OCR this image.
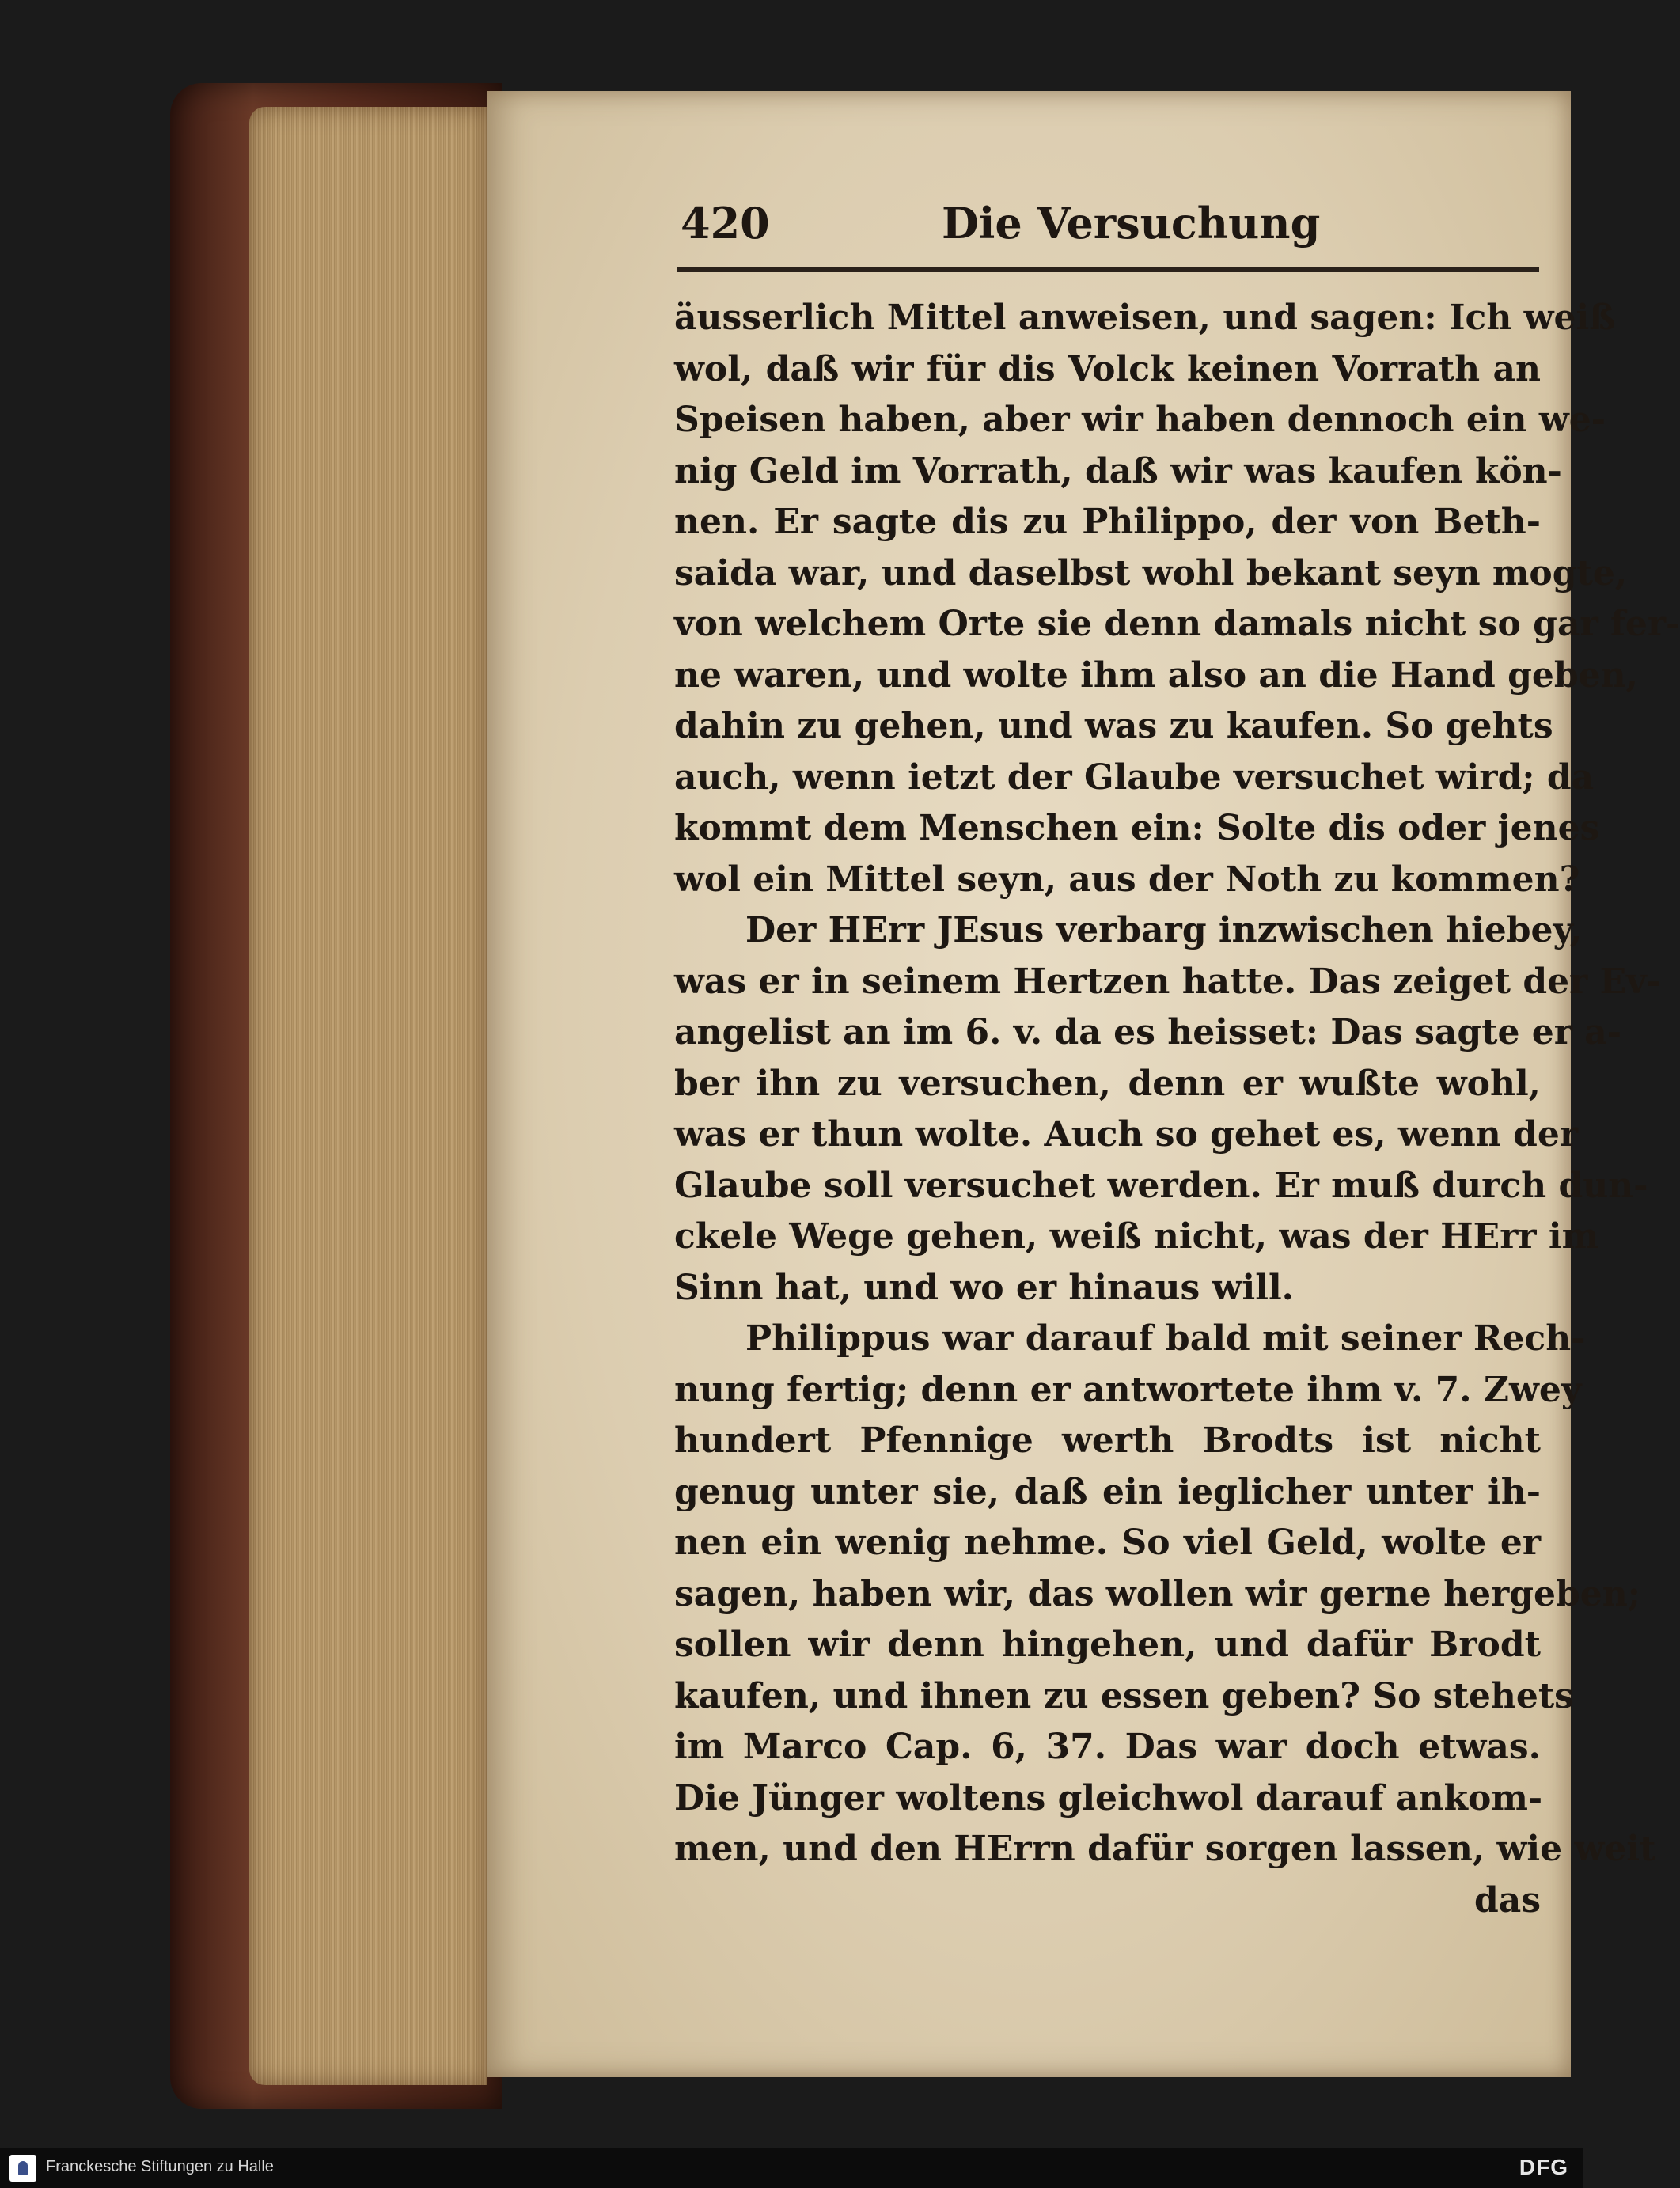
420	Die Versuchung
äusserlich Mittel anweisen, und sagen: Ich weiß
wol, daß wir für dis Volck keinen Vorrath an
Speisen haben, aber wir haben dennoch ein we-
nig Geld im Vorrath, daß wir was kaufen kön-
nen. Er sagte dis zu Philippo, der von Beth-
saida war, und daselbst wohl bekant seyn mogte,
von welchem Orte sie denn damals nicht so gar fer-
ne waren, und wolte ihm also an die Hand geben,
dahin zu gehen, und was zu kaufen. So gehts
auch, wenn ietzt der Glaube versuchet wird; da
kommt dem Menschen ein: Solte dis oder jenes
wol ein Mittel seyn, aus der Noth zu kommen?
Der HErr JEsus verbarg inzwischen hiebey,
was er in seinem Hertzen hatte. Das zeiget der Ev-
angelist an im 6. v. da es heisset: Das sagte er a-
ber ihn zu versuchen, denn er wußte wohl,
was er thun wolte. Auch so gehet es, wenn der
Glaube soll versuchet werden. Er muß durch dun-
ckele Wege gehen, weiß nicht, was der HErr im
Sinn hat, und wo er hinaus will.
Philippus war darauf bald mit seiner Rech-
nung fertig; denn er antwortete ihm v. 7. Zwey
hundert Pfennige werth Brodts ist nicht
genug unter sie, daß ein ieglicher unter ih-
nen ein wenig nehme. So viel Geld, wolte er
sagen, haben wir, das wollen wir gerne hergeben;
sollen wir denn hingehen, und dafür Brodt
kaufen, und ihnen zu essen geben? So stehets
im Marco Cap. 6, 37. Das war doch etwas.
Die Jünger woltens gleichwol darauf ankom-
men, und den HErrn dafür sorgen lassen, wie weit
das
Franckesche Stiftungen zu Halle	DFG
